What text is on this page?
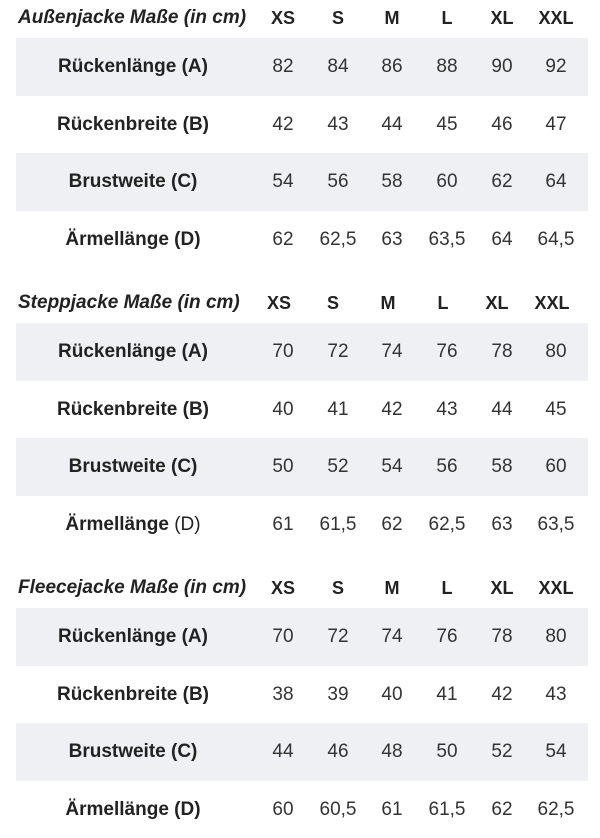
Außenjacke Maße (in cm)	XS	S	M	L	XL	XXL
Rückenlänge (A)	82	84	86	88	90	92
Rückenbreite (B)	42	43	44	45	46	47
Brustweite (C)	54	56	58	60	62	64
Ärmellänge (D)	62	62,5	63	63,5	64	64,5
Steppjacke Maße (in cm)	XS	S	M	L	XL	XXL
Rückenlänge (A)	70	72	74	76	78	80
Rückenbreite (B)	40	41	42	43	44	45
Brustweite (C)	50	52	54	56	58	60
Ärmellänge (D)	61	61,5	62	62,5	63	63,5
Fleecejacke Maße (in cm)	XS	S	M	L	XL	XXL
Rückenlänge (A)	70	72	74	76	78	80
Rückenbreite (B)	38	39	40	41	42	43
Brustweite (C)	44	46	48	50	52	54
Ärmellänge (D)	60	60,5	61	61,5	62	62,5
